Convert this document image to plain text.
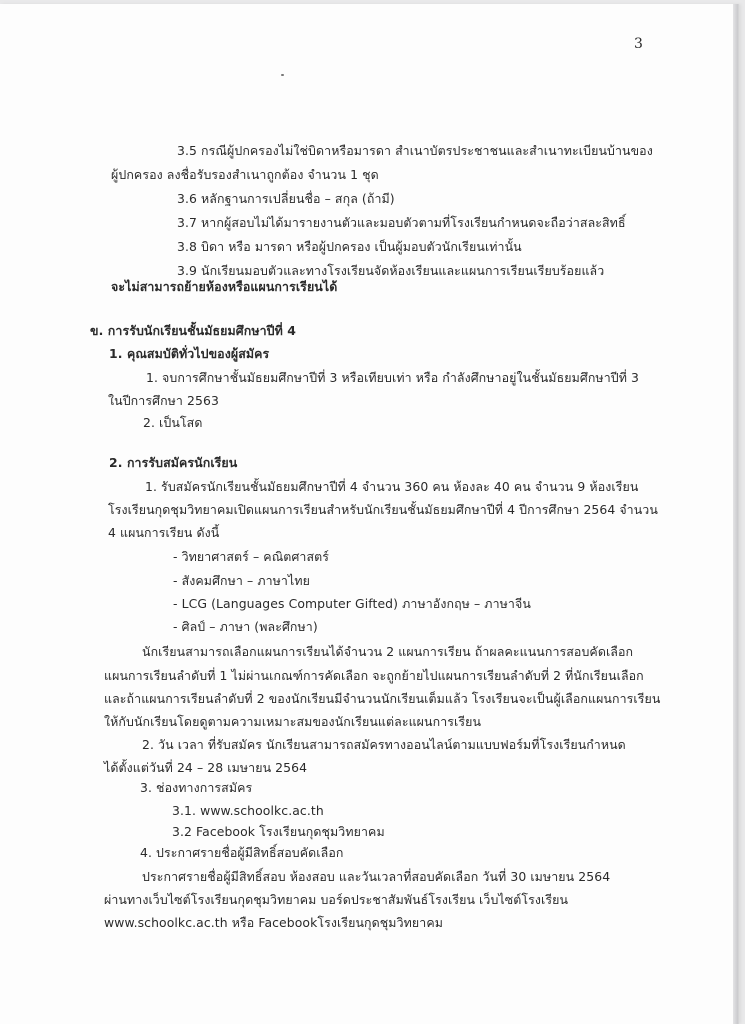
3
3.5 กรณีผู้ปกครองไม่ใช่บิดาหรือมารดา สำเนาบัตรประชาชนและสำเนาทะเบียนบ้านของ
ผู้ปกครอง ลงชื่อรับรองสำเนาถูกต้อง จำนวน 1 ชุด
3.6 หลักฐานการเปลี่ยนชื่อ – สกุล (ถ้ามี)
3.7 หากผู้สอบไม่ได้มารายงานตัวและมอบตัวตามที่โรงเรียนกำหนดจะถือว่าสละสิทธิ์
3.8 บิดา หรือ มารดา หรือผู้ปกครอง เป็นผู้มอบตัวนักเรียนเท่านั้น
3.9 นักเรียนมอบตัวและทางโรงเรียนจัดห้องเรียนและแผนการเรียนเรียบร้อยแล้ว
จะไม่สามารถย้ายห้องหรือแผนการเรียนได้
ข. การรับนักเรียนชั้นมัธยมศึกษาปีที่ 4
1. คุณสมบัติทั่วไปของผู้สมัคร
1. จบการศึกษาชั้นมัธยมศึกษาปีที่ 3 หรือเทียบเท่า หรือ กำลังศึกษาอยู่ในชั้นมัธยมศึกษาปีที่ 3
ในปีการศึกษา 2563
2. เป็นโสด
2. การรับสมัครนักเรียน
1. รับสมัครนักเรียนชั้นมัธยมศึกษาปีที่ 4 จำนวน 360 คน ห้องละ 40 คน จำนวน 9 ห้องเรียน
โรงเรียนกุดชุมวิทยาคมเปิดแผนการเรียนสำหรับนักเรียนชั้นมัธยมศึกษาปีที่ 4 ปีการศึกษา 2564 จำนวน
4 แผนการเรียน ดังนี้
- วิทยาศาสตร์ – คณิตศาสตร์
- สังคมศึกษา – ภาษาไทย
- LCG (Languages Computer Gifted) ภาษาอังกฤษ – ภาษาจีน
- ศิลป์ – ภาษา (พละศึกษา)
นักเรียนสามารถเลือกแผนการเรียนได้จำนวน 2 แผนการเรียน ถ้าผลคะแนนการสอบคัดเลือก
แผนการเรียนลำดับที่ 1 ไม่ผ่านเกณฑ์การคัดเลือก จะถูกย้ายไปแผนการเรียนลำดับที่ 2 ที่นักเรียนเลือก
และถ้าแผนการเรียนลำดับที่ 2 ของนักเรียนมีจำนวนนักเรียนเต็มแล้ว โรงเรียนจะเป็นผู้เลือกแผนการเรียน
ให้กับนักเรียนโดยดูตามความเหมาะสมของนักเรียนแต่ละแผนการเรียน
2. วัน เวลา ที่รับสมัคร นักเรียนสามารถสมัครทางออนไลน์ตามแบบฟอร์มที่โรงเรียนกำหนด
ได้ตั้งแต่วันที่ 24 – 28 เมษายน 2564
3. ช่องทางการสมัคร
3.1. www.schoolkc.ac.th
3.2 Facebook โรงเรียนกุดชุมวิทยาคม
4. ประกาศรายชื่อผู้มีสิทธิ์สอบคัดเลือก
ประกาศรายชื่อผู้มีสิทธิ์สอบ ห้องสอบ และวันเวลาที่สอบคัดเลือก วันที่ 30 เมษายน 2564
ผ่านทางเว็บไซต์โรงเรียนกุดชุมวิทยาคม บอร์ดประชาสัมพันธ์โรงเรียน เว็บไซต์โรงเรียน
www.schoolkc.ac.th หรือ Facebookโรงเรียนกุดชุมวิทยาคม
